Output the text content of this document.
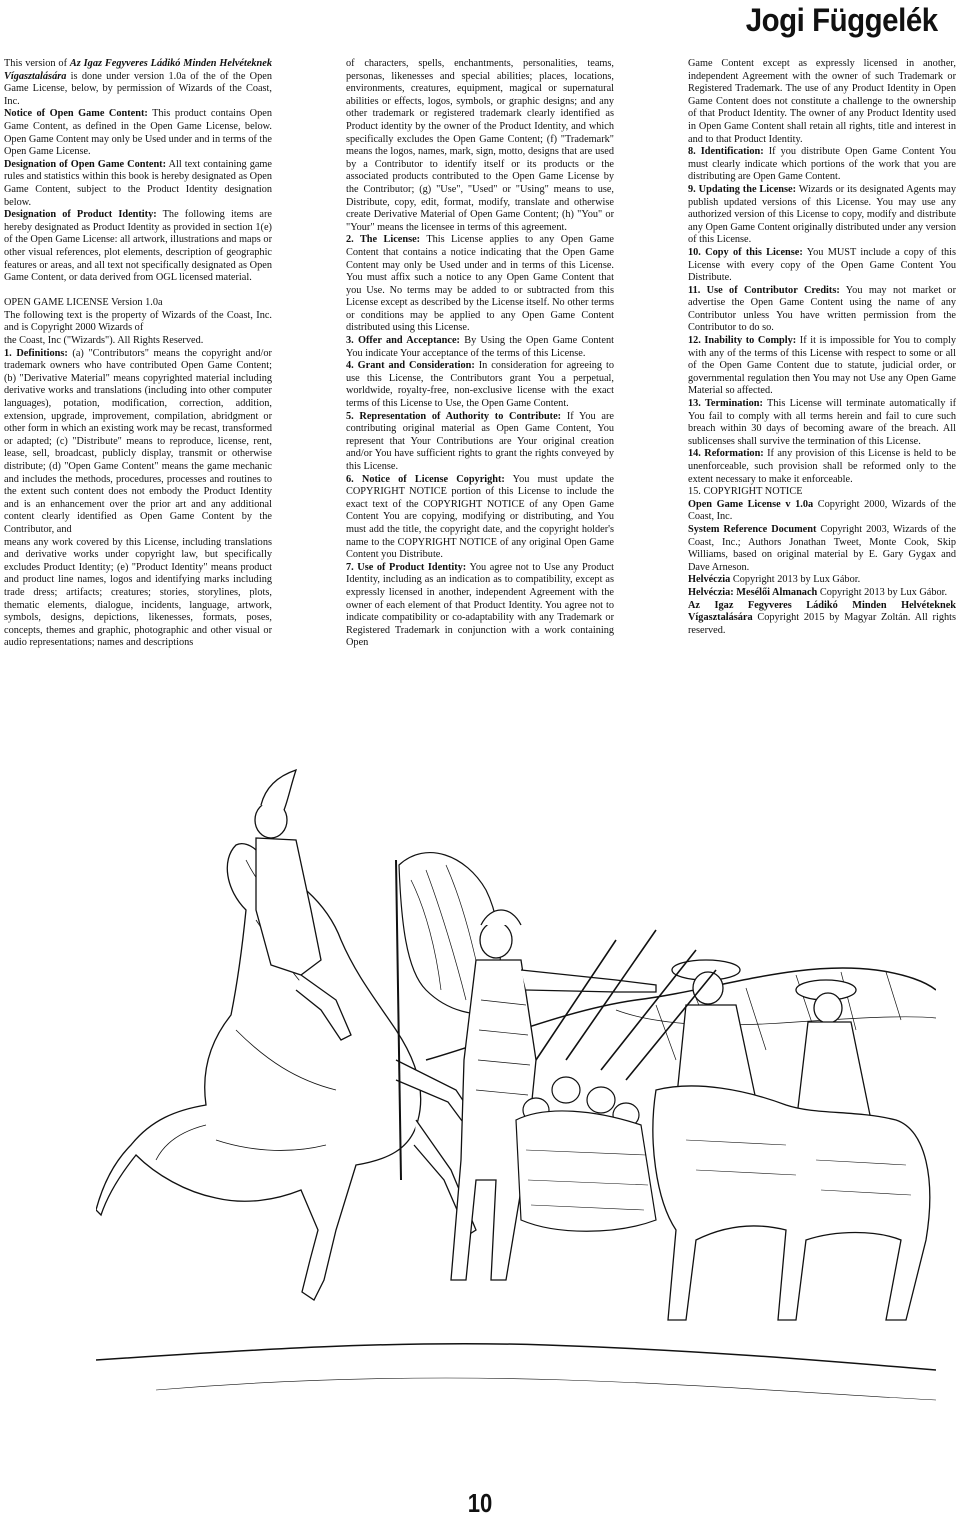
Jogi Függelék

This version of Az Igaz Fegyveres Ládikó Minden Helvéteknek Vígasztalására is done under version 1.0a of the of the Open Game License, below, by permission of Wizards of the Coast, Inc.

Notice of Open Game Content: This product contains Open Game Content, as defined in the Open Game License, below. Open Game Content may only be Used under and in terms of the Open Game License.

Designation of Open Game Content: All text containing game rules and statistics within this book is hereby designated as Open Game Content, subject to the Product Identity designation below.

Designation of Product Identity: The following items are hereby designated as Product Identity as provided in section 1(e) of the Open Game License: all artwork, illustrations and maps or other visual references, plot elements, description of geographic features or areas, and all text not specifically designated as Open Game Content, or data derived from OGL licensed material.

OPEN GAME LICENSE Version 1.0a

The following text is the property of Wizards of the Coast, Inc. and is Copyright 2000 Wizards of

the Coast, Inc ("Wizards"). All Rights Reserved.

1. Definitions: (a) "Contributors" means the copyright and/or trademark owners who have contributed Open Game Content; (b) "Derivative Material" means copyrighted material including derivative works and translations (including into other computer languages), potation, modification, correction, addition, extension, upgrade, improvement, compilation, abridgment or other form in which an existing work may be recast, transformed or adapted; (c) "Distribute" means to reproduce, license, rent, lease, sell, broadcast, publicly display, transmit or otherwise distribute; (d) "Open Game Content" means the game mechanic and includes the methods, procedures, processes and routines to the extent such content does not embody the Product Identity and is an enhancement over the prior art and any additional content clearly identified as Open Game Content by the Contributor, and

means any work covered by this License, including translations and derivative works under copyright law, but specifically excludes Product Identity; (e) "Product Identity" means product and product line names, logos and identifying marks including trade dress; artifacts; creatures; stories, storylines, plots, thematic elements, dialogue, incidents, language, artwork, symbols, designs, depictions, likenesses, formats, poses, concepts, themes and graphic, photographic and other visual or audio representations; names and descriptions

of characters, spells, enchantments, personalities, teams, personas, likenesses and special abilities; places, locations, environments, creatures, equipment, magical or supernatural abilities or effects, logos, symbols, or graphic designs; and any other trademark or registered trademark clearly identified as Product identity by the owner of the Product Identity, and which specifically excludes the Open Game Content; (f) "Trademark" means the logos, names, mark, sign, motto, designs that are used by a Contributor to identify itself or its products or the associated products contributed to the Open Game License by the Contributor; (g) "Use", "Used" or "Using" means to use, Distribute, copy, edit, format, modify, translate and otherwise create Derivative Material of Open Game Content; (h) "You" or "Your" means the licensee in terms of this agreement.

2. The License: This License applies to any Open Game Content that contains a notice indicating that the Open Game Content may only be Used under and in terms of this License. You must affix such a notice to any Open Game Content that you Use. No terms may be added to or subtracted from this License except as described by the License itself. No other terms or conditions may be applied to any Open Game Content distributed using this License.

3. Offer and Acceptance: By Using the Open Game Content You indicate Your acceptance of the terms of this License.

4. Grant and Consideration: In consideration for agreeing to use this License, the Contributors grant You a perpetual, worldwide, royalty-free, non-exclusive license with the exact terms of this License to Use, the Open Game Content.

5. Representation of Authority to Contribute: If You are contributing original material as Open Game Content, You represent that Your Contributions are Your original creation and/or You have sufficient rights to grant the rights conveyed by this License.

6. Notice of License Copyright: You must update the COPYRIGHT NOTICE portion of this License to include the exact text of the COPYRIGHT NOTICE of any Open Game Content You are copying, modifying or distributing, and You must add the title, the copyright date, and the copyright holder's name to the COPYRIGHT NOTICE of any original Open Game Content you Distribute.

7. Use of Product Identity: You agree not to Use any Product Identity, including as an indication as to compatibility, except as expressly licensed in another, independent Agreement with the owner of each element of that Product Identity. You agree not to indicate compatibility or co-adaptability with any Trademark or Registered Trademark in conjunction with a work containing Open

Game Content except as expressly licensed in another, independent Agreement with the owner of such Trademark or Registered Trademark. The use of any Product Identity in Open Game Content does not constitute a challenge to the ownership of that Product Identity. The owner of any Product Identity used in Open Game Content shall retain all rights, title and interest in and to that Product Identity.

8. Identification: If you distribute Open Game Content You must clearly indicate which portions of the work that you are distributing are Open Game Content.

9. Updating the License: Wizards or its designated Agents may publish updated versions of this License. You may use any authorized version of this License to copy, modify and distribute any Open Game Content originally distributed under any version of this License.

10. Copy of this License: You MUST include a copy of this License with every copy of the Open Game Content You Distribute.

11. Use of Contributor Credits: You may not market or advertise the Open Game Content using the name of any Contributor unless You have written permission from the Contributor to do so.

12. Inability to Comply: If it is impossible for You to comply with any of the terms of this License with respect to some or all of the Open Game Content due to statute, judicial order, or governmental regulation then You may not Use any Open Game Material so affected.

13. Termination: This License will terminate automatically if You fail to comply with all terms herein and fail to cure such breach within 30 days of becoming aware of the breach. All sublicenses shall survive the termination of this License.

14. Reformation: If any provision of this License is held to be unenforceable, such provision shall be reformed only to the extent necessary to make it enforceable.

15. COPYRIGHT NOTICE

Open Game License v 1.0a Copyright 2000, Wizards of the Coast, Inc.

System Reference Document Copyright 2003, Wizards of the Coast, Inc.; Authors Jonathan Tweet, Monte Cook, Skip Williams, based on original material by E. Gary Gygax and Dave Arneson.

Helvéczia Copyright 2013 by Lux Gábor.

Helvéczia: Mesélői Almanach Copyright 2013 by Lux Gábor.

Az Igaz Fegyveres Ládikó Minden Helvéteknek Vígasztalására Copyright 2015 by Magyar Zoltán. All rights reserved.

10
